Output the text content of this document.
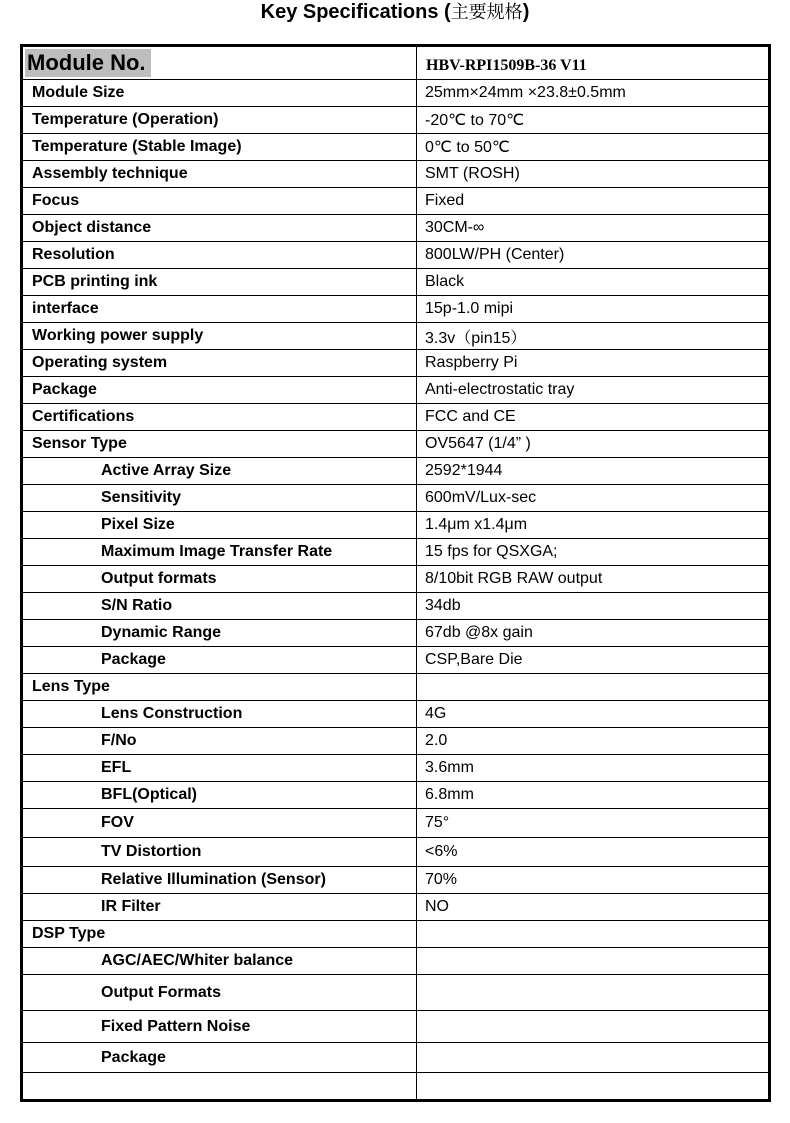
Key Specifications (主要规格)
Module No.	HBV-RPI1509B-36 V11
Module Size	25mm×24mm ×23.8±0.5mm
Temperature (Operation)	-20℃ to 70℃
Temperature (Stable Image)	0℃ to 50℃
Assembly technique	SMT (ROSH)
Focus	Fixed
Object distance	30CM-∞
Resolution	800LW/PH (Center)
PCB printing ink	Black
interface	15p-1.0 mipi
Working power supply	3.3v（pin15）
Operating system	Raspberry Pi
Package	Anti-electrostatic tray
Certifications	FCC and CE
Sensor Type	OV5647 (1/4” )
Active Array Size	2592*1944
Sensitivity	600mV/Lux-sec
Pixel Size	1.4μm x1.4μm
Maximum Image Transfer Rate	15 fps for QSXGA;
Output formats	8/10bit RGB RAW output
S/N Ratio	34db
Dynamic Range	67db @8x gain
Package	CSP,Bare Die
Lens Type	
Lens Construction	4G
F/No	2.0
EFL	3.6mm
BFL(Optical)	6.8mm
FOV	75°
TV Distortion	<6%
Relative Illumination (Sensor)	70%
IR Filter	NO
DSP Type	
AGC/AEC/Whiter balance	
Output Formats	
Fixed Pattern Noise	
Package	
